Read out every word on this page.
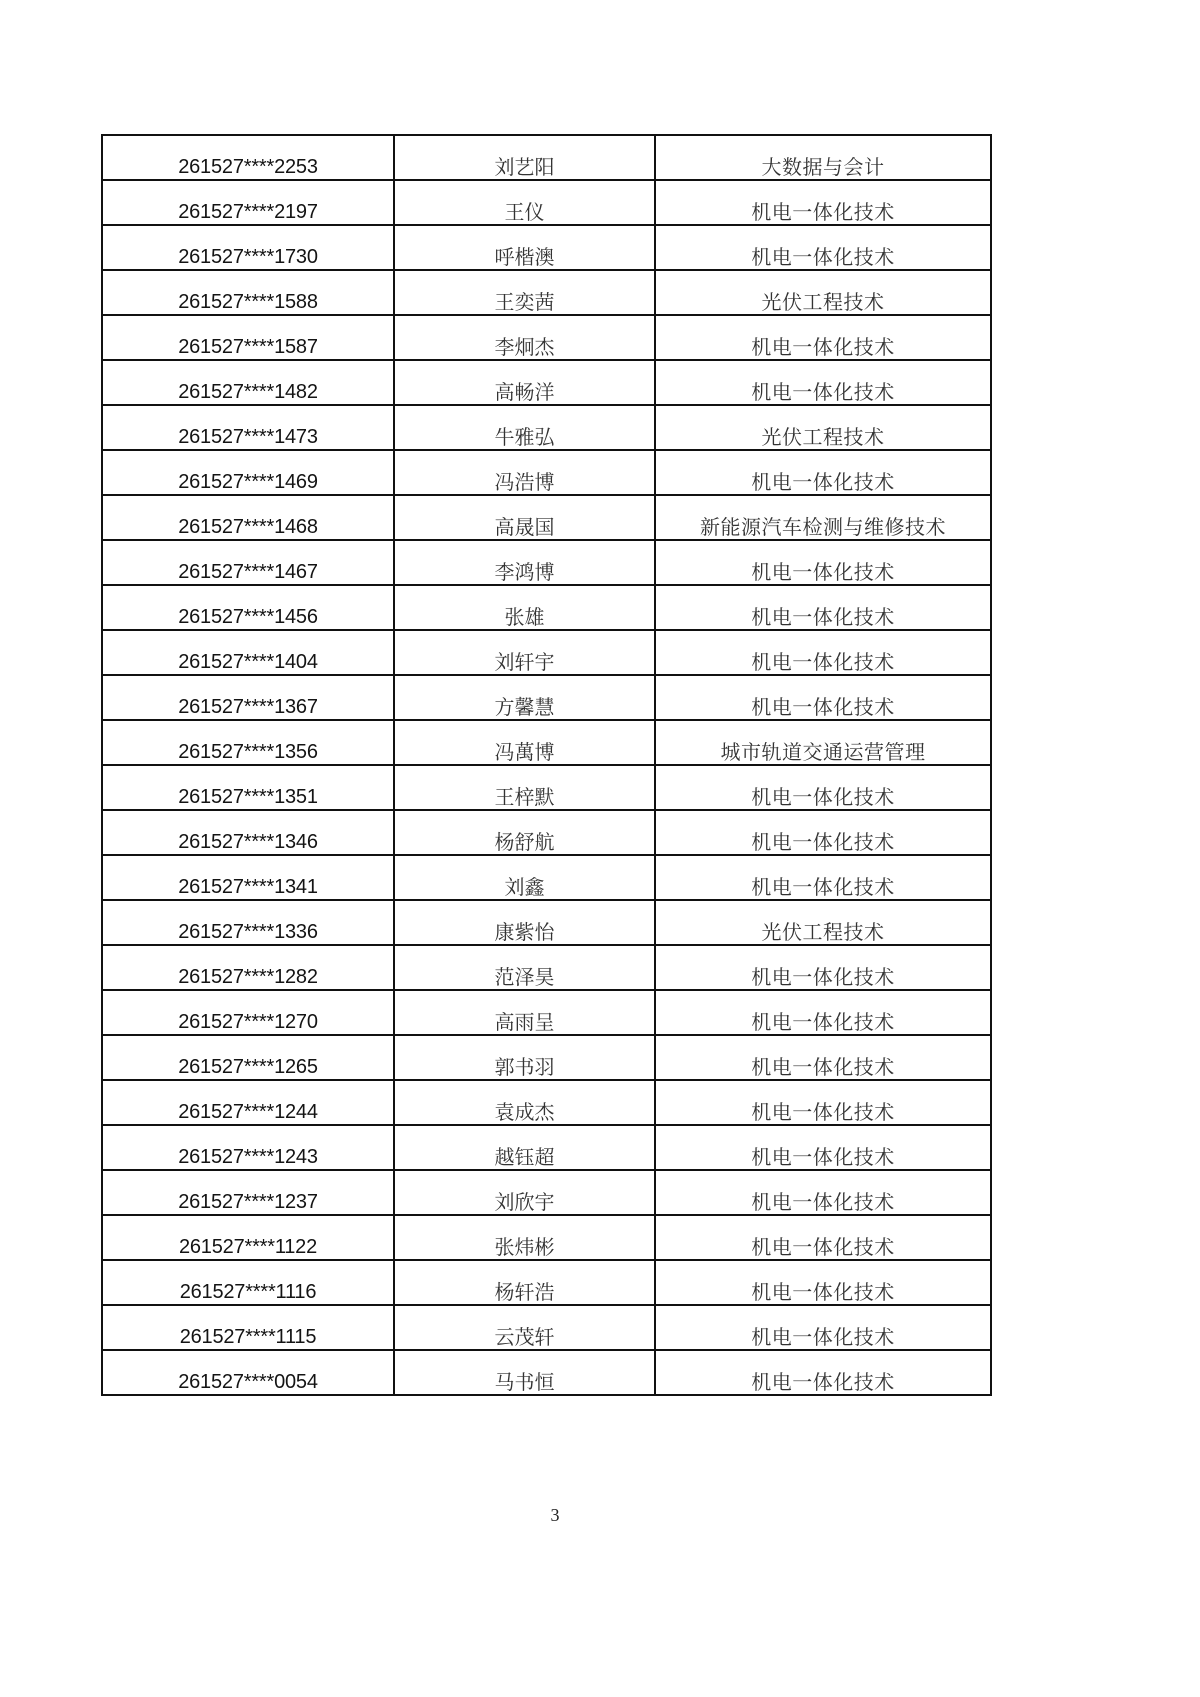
261527****2253	刘艺阳	大数据与会计
261527****2197	王仪	机电一体化技术
261527****1730	呼楷澳	机电一体化技术
261527****1588	王奕茜	光伏工程技术
261527****1587	李炯杰	机电一体化技术
261527****1482	高畅洋	机电一体化技术
261527****1473	牛雅弘	光伏工程技术
261527****1469	冯浩博	机电一体化技术
261527****1468	高晟国	新能源汽车检测与维修技术
261527****1467	李鸿博	机电一体化技术
261527****1456	张雄	机电一体化技术
261527****1404	刘轩宇	机电一体化技术
261527****1367	方馨慧	机电一体化技术
261527****1356	冯萬博	城市轨道交通运营管理
261527****1351	王梓默	机电一体化技术
261527****1346	杨舒航	机电一体化技术
261527****1341	刘鑫	机电一体化技术
261527****1336	康紫怡	光伏工程技术
261527****1282	范泽昊	机电一体化技术
261527****1270	高雨呈	机电一体化技术
261527****1265	郭书羽	机电一体化技术
261527****1244	袁成杰	机电一体化技术
261527****1243	越钰超	机电一体化技术
261527****1237	刘欣宇	机电一体化技术
261527****1122	张炜彬	机电一体化技术
261527****1116	杨轩浩	机电一体化技术
261527****1115	云茂轩	机电一体化技术
261527****0054	马书恒	机电一体化技术
3
